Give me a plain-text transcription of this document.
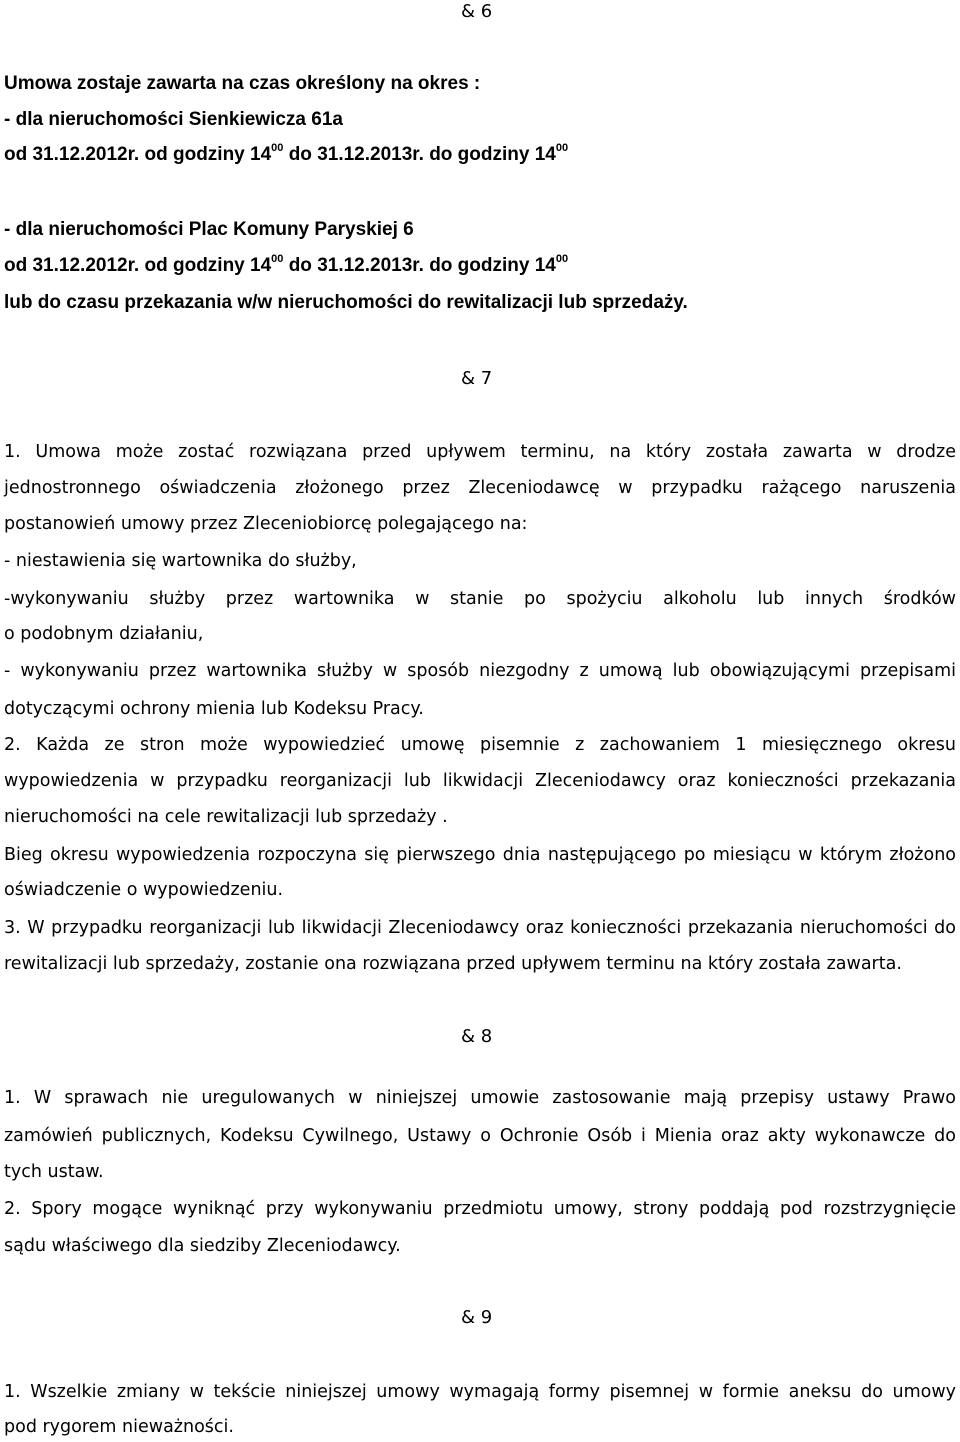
& 6
Umowa zostaje zawarta na czas określony na okres :
- dla nieruchomości Sienkiewicza 61a
od 31.12.2012r. od godziny $14^{00}$ do 31.12.2013r. do godziny $14^{00}$
- dla nieruchomości Plac Komuny Paryskiej 6
od 31.12.2012r. od godziny $14^{00}$ do 31.12.2013r. do godziny $14^{00}$
lub do czasu przekazania w/w nieruchomości do rewitalizacji lub sprzedaży.
& 7
1. Umowa może zostać rozwiązana przed upływem terminu, na który została zawarta w drodze
jednostronnego oświadczenia złożonego przez Zleceniodawcę w przypadku rażącego naruszenia
postanowień umowy przez Zleceniobiorcę polegającego na:
- niestawienia się wartownika do służby,
-wykonywaniu służby przez wartownika w stanie po spożyciu alkoholu lub innych środków
o podobnym działaniu,
- wykonywaniu przez wartownika służby w sposób niezgodny z umową lub obowiązującymi przepisami
dotyczącymi ochrony mienia lub Kodeksu Pracy.
2. Każda ze stron może wypowiedzieć umowę pisemnie z zachowaniem 1 miesięcznego okresu
wypowiedzenia w przypadku reorganizacji lub likwidacji Zleceniodawcy oraz konieczności przekazania
nieruchomości na cele rewitalizacji lub sprzedaży .
Bieg okresu wypowiedzenia rozpoczyna się pierwszego dnia następującego po miesiącu w którym złożono
oświadczenie o wypowiedzeniu.
3. W przypadku reorganizacji lub likwidacji Zleceniodawcy oraz konieczności przekazania nieruchomości do
rewitalizacji lub sprzedaży, zostanie ona rozwiązana przed upływem terminu na który została zawarta.
& 8
1. W sprawach nie uregulowanych w niniejszej umowie zastosowanie mają przepisy ustawy Prawo
zamówień publicznych, Kodeksu Cywilnego, Ustawy o Ochronie Osób i Mienia oraz akty wykonawcze do
tych ustaw.
2. Spory mogące wyniknąć przy wykonywaniu przedmiotu umowy, strony poddają pod rozstrzygnięcie
sądu właściwego dla siedziby Zleceniodawcy.
& 9
1. Wszelkie zmiany w tekście niniejszej umowy wymagają formy pisemnej w formie aneksu do umowy
pod rygorem nieważności.
